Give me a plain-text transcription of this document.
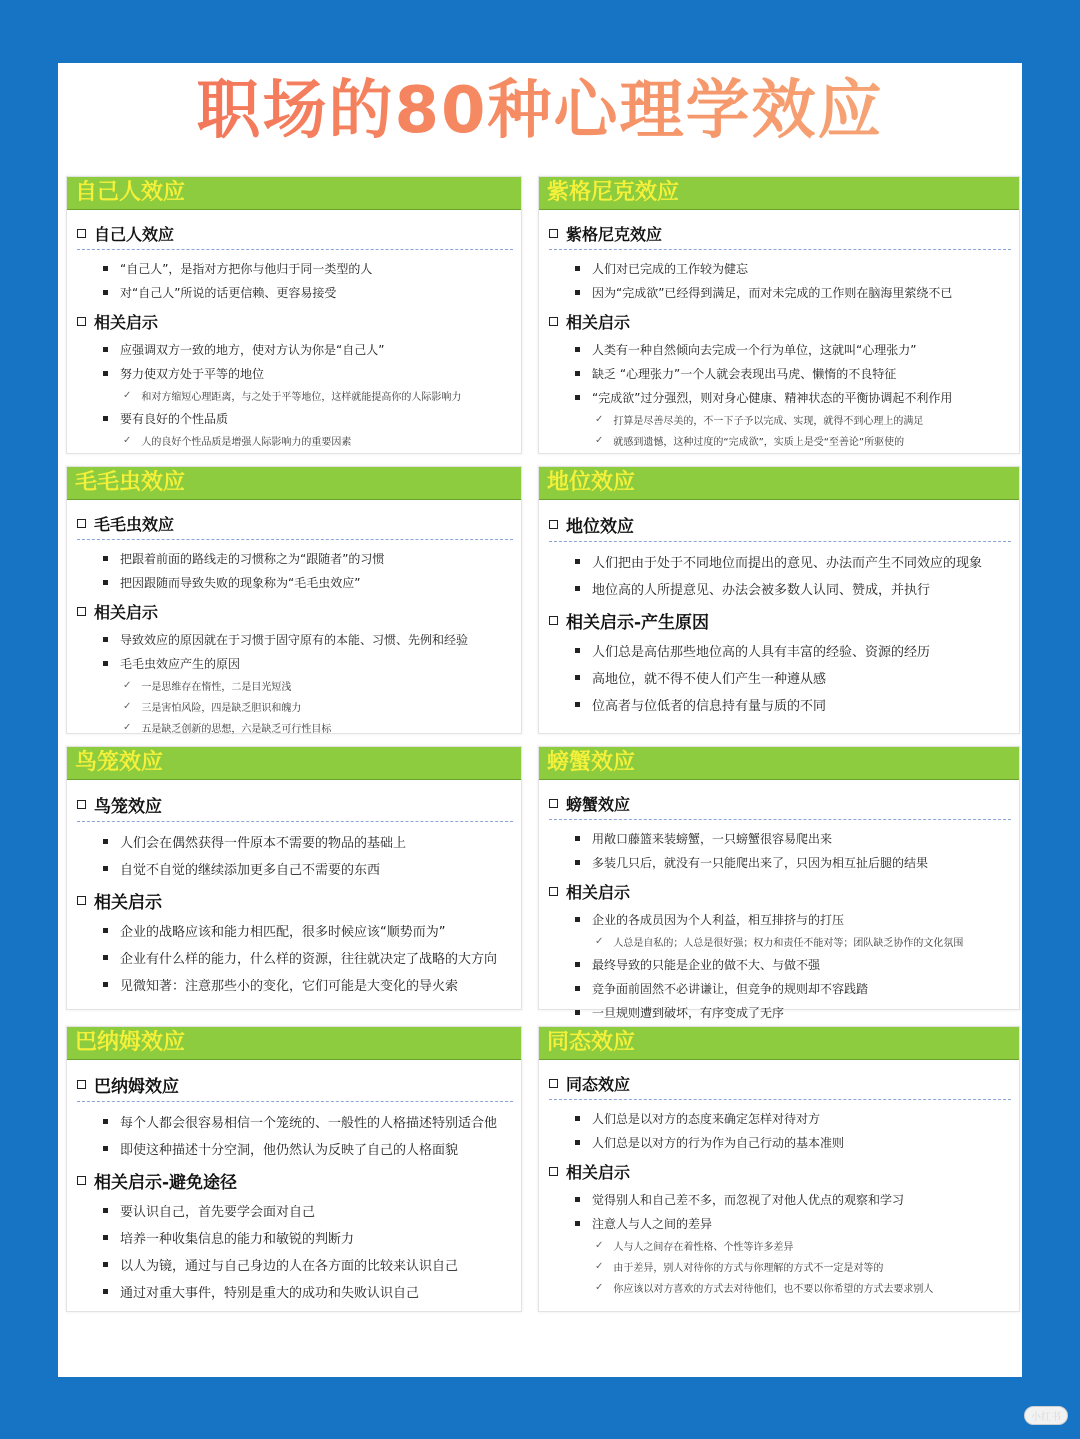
职场的80种心理学效应
自己人效应
自己人效应
“自己人”，是指对方把你与他归于同一类型的人
对“自己人”所说的话更信赖、更容易接受
相关启示
应强调双方一致的地方，使对方认为你是“自己人”
努力使双方处于平等的地位
✓ 和对方缩短心理距离，与之处于平等地位，这样就能提高你的人际影响力
要有良好的个性品质
✓ 人的良好个性品质是增强人际影响力的重要因素
紫格尼克效应
紫格尼克效应
人们对已完成的工作较为健忘
因为“完成欲”已经得到满足，而对未完成的工作则在脑海里萦绕不已
相关启示
人类有一种自然倾向去完成一个行为单位，这就叫“心理张力”
缺乏 “心理张力”一个人就会表现出马虎、懒惰的不良特征
“完成欲”过分强烈，则对身心健康、精神状态的平衡协调起不利作用
✓ 打算是尽善尽美的，不一下子予以完成、实现，就得不到心理上的满足
✓ 就感到遗憾，这种过度的“完成欲”，实质上是受“至善论”所驱使的
毛毛虫效应
毛毛虫效应
把跟着前面的路线走的习惯称之为“跟随者”的习惯
把因跟随而导致失败的现象称为“毛毛虫效应”
相关启示
导致效应的原因就在于习惯于固守原有的本能、习惯、先例和经验
毛毛虫效应产生的原因
✓ 一是思维存在惰性，二是目光短浅
✓ 三是害怕风险，四是缺乏胆识和魄力
✓ 五是缺乏创新的思想，六是缺乏可行性目标
地位效应
地位效应
人们把由于处于不同地位而提出的意见、办法而产生不同效应的现象
地位高的人所提意见、办法会被多数人认同、赞成，并执行
相关启示-产生原因
人们总是高估那些地位高的人具有丰富的经验、资源的经历
高地位，就不得不使人们产生一种遵从感
位高者与位低者的信息持有量与质的不同
鸟笼效应
鸟笼效应
人们会在偶然获得一件原本不需要的物品的基础上
自觉不自觉的继续添加更多自己不需要的东西
相关启示
企业的战略应该和能力相匹配，很多时候应该“顺势而为”
企业有什么样的能力，什么样的资源，往往就决定了战略的大方向
见微知著：注意那些小的变化，它们可能是大变化的导火索
螃蟹效应
螃蟹效应
用敞口藤篮来装螃蟹，一只螃蟹很容易爬出来
多装几只后，就没有一只能爬出来了，只因为相互扯后腿的结果
相关启示
企业的各成员因为个人利益，相互排挤与的打压
✓ 人总是自私的；人总是很好强；权力和责任不能对等；团队缺乏协作的文化氛围
最终导致的只能是企业的做不大、与做不强
竞争面前固然不必讲谦让，但竞争的规则却不容践踏
一旦规则遭到破坏，有序变成了无序
巴纳姆效应
巴纳姆效应
每个人都会很容易相信一个笼统的、一般性的人格描述特别适合他
即使这种描述十分空洞，他仍然认为反映了自己的人格面貌
相关启示-避免途径
要认识自己，首先要学会面对自己
培养一种收集信息的能力和敏锐的判断力
以人为镜，通过与自己身边的人在各方面的比较来认识自己
通过对重大事件，特别是重大的成功和失败认识自己
同态效应
同态效应
人们总是以对方的态度来确定怎样对待对方
人们总是以对方的行为作为自己行动的基本准则
相关启示
觉得别人和自己差不多，而忽视了对他人优点的观察和学习
注意人与人之间的差异
✓ 人与人之间存在着性格、个性等许多差异
✓ 由于差异，别人对待你的方式与你理解的方式不一定是对等的
✓ 你应该以对方喜欢的方式去对待他们，也不要以你希望的方式去要求别人
小红书
